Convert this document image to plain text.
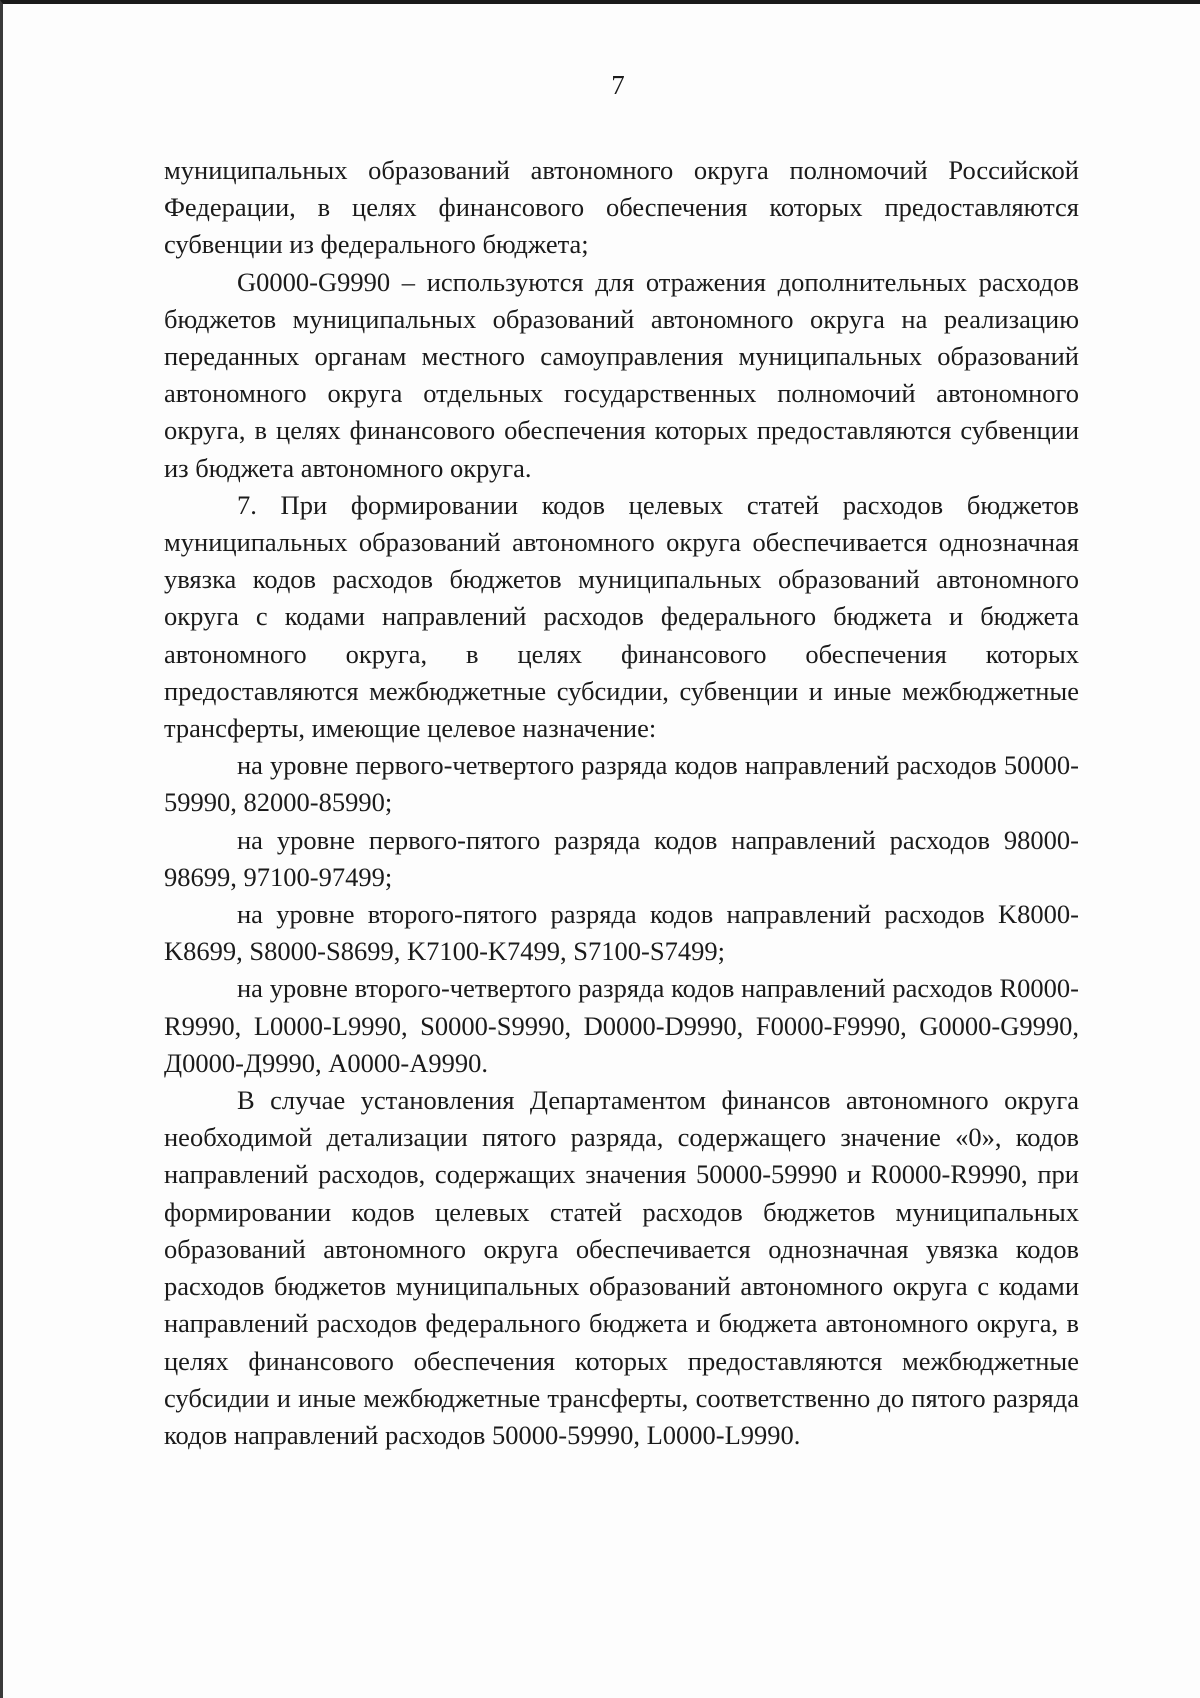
7

муниципальных образований автономного округа полномочий Российской Федерации, в целях финансового обеспечения которых предоставляются субвенции из федерального бюджета;

G0000-G9990 – используются для отражения дополнительных расходов бюджетов муниципальных образований автономного округа на реализацию переданных органам местного самоуправления муниципальных образований автономного округа отдельных государственных полномочий автономного округа, в целях финансового обеспечения которых предоставляются субвенции из бюджета автономного округа.

7. При формировании кодов целевых статей расходов бюджетов муниципальных образований автономного округа обеспечивается однозначная увязка кодов расходов бюджетов муниципальных образований автономного округа с кодами направлений расходов федерального бюджета и бюджета автономного округа, в целях финансового обеспечения которых предоставляются межбюджетные субсидии, субвенции и иные межбюджетные трансферты, имеющие целевое назначение:

на уровне первого-четвертого разряда кодов направлений расходов 50000-59990, 82000-85990;

на уровне первого-пятого разряда кодов направлений расходов 98000-98699, 97100-97499;

на уровне второго-пятого разряда кодов направлений расходов K8000-K8699, S8000-S8699, K7100-K7499, S7100-S7499;

на уровне второго-четвертого разряда кодов направлений расходов R0000-R9990, L0000-L9990, S0000-S9990, D0000-D9990, F0000-F9990, G0000-G9990, Д0000-Д9990, А0000-А9990.

В случае установления Департаментом финансов автономного округа необходимой детализации пятого разряда, содержащего значение «0», кодов направлений расходов, содержащих значения 50000-59990 и R0000-R9990, при формировании кодов целевых статей расходов бюджетов муниципальных образований автономного округа обеспечивается однозначная увязка кодов расходов бюджетов муниципальных образований автономного округа с кодами направлений расходов федерального бюджета и бюджета автономного округа, в целях финансового обеспечения которых предоставляются межбюджетные субсидии и иные межбюджетные трансферты, соответственно до пятого разряда кодов направлений расходов 50000-59990, L0000-L9990.
